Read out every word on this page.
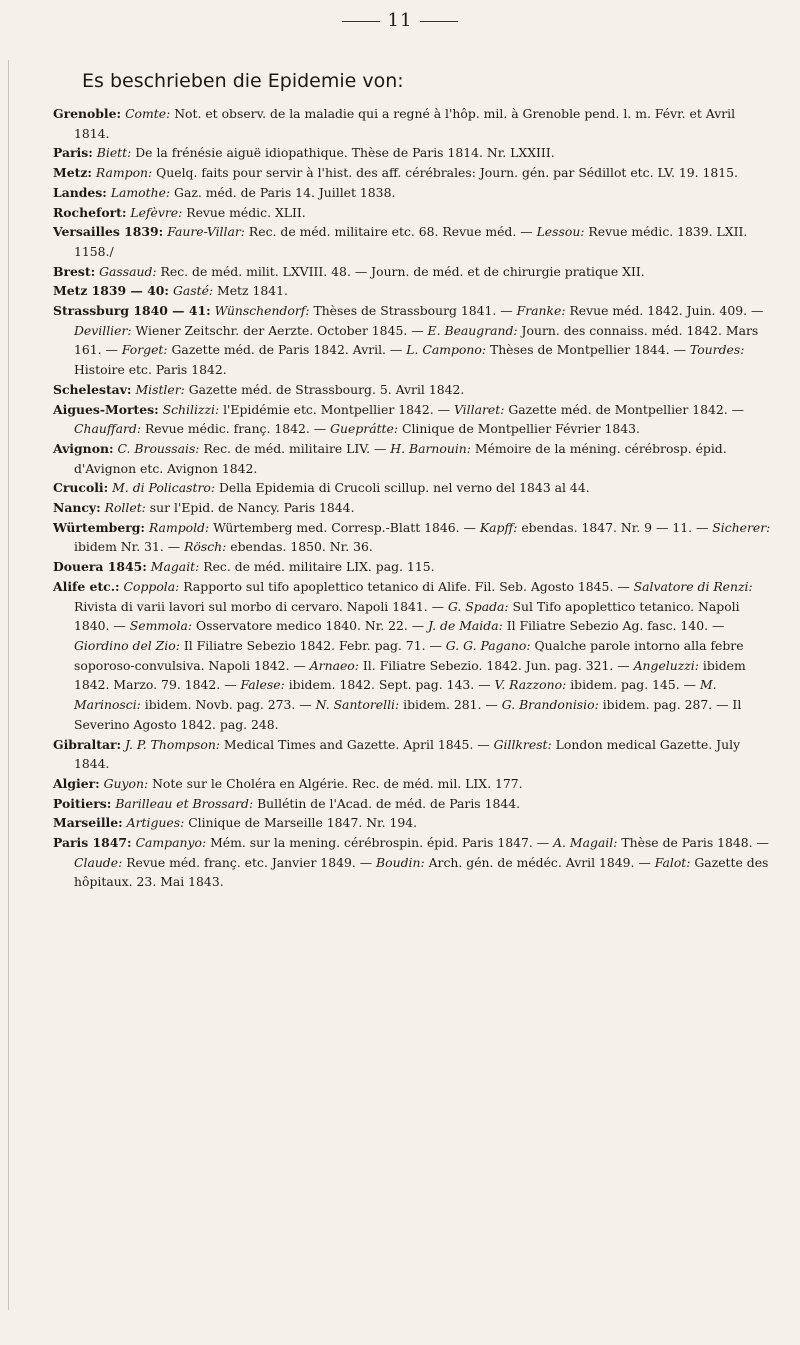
11
Es beschrieben die Epidemie von:

Grenoble: Comte: Not. et observ. de la maladie qui a regné à l'hôp. mil. à Grenoble pend. l. m. Févr. et Avril 1814.

Paris: Biett: De la frénésie aiguë idiopathique. Thèse de Paris 1814. Nr. LXXIII.

Metz: Rampon: Quelq. faits pour servir à l'hist. des aff. cérébrales: Journ. gén. par Sédillot etc. LV. 19. 1815.

Landes: Lamothe: Gaz. méd. de Paris 14. Juillet 1838.

Rochefort: Lefèvre: Revue médic. XLII.

Versailles 1839: Faure-Villar: Rec. de méd. militaire etc. 68. Revue méd. — Lessou: Revue médic. 1839. LXII. 1158./

Brest: Gassaud: Rec. de méd. milit. LXVIII. 48. — Journ. de méd. et de chirurgie pratique XII.

Metz 1839 — 40: Gasté: Metz 1841.

Strassburg 1840 — 41: Wünschendorf: Thèses de Strassbourg 1841. — Franke: Revue méd. 1842. Juin. 409. — Devillier: Wiener Zeitschr. der Aerzte. October 1845. — E. Beaugrand: Journ. des connaiss. méd. 1842. Mars 161. — Forget: Gazette méd. de Paris 1842. Avril. — L. Campono: Thèses de Montpellier 1844. — Tourdes: Histoire etc. Paris 1842.

Schelestav: Mistler: Gazette méd. de Strassbourg. 5. Avril 1842.

Aigues-Mortes: Schilizzi: l'Epidémie etc. Montpellier 1842. — Villaret: Gazette méd. de Montpellier 1842. — Chauffard: Revue médic. franç. 1842. — Gueprátte: Clinique de Montpellier Février 1843.

Avignon: C. Broussais: Rec. de méd. militaire LIV. — H. Barnouin: Mémoire de la méning. cérébrosp. épid. d'Avignon etc. Avignon 1842.

Crucoli: M. di Policastro: Della Epidemia di Crucoli scillup. nel verno del 1843 al 44.

Nancy: Rollet: sur l'Epid. de Nancy. Paris 1844.

Würtemberg: Rampold: Würtemberg med. Corresp.-Blatt 1846. — Kapff: ebendas. 1847. Nr. 9 — 11. — Sicherer: ibidem Nr. 31. — Rösch: ebendas. 1850. Nr. 36.

Douera 1845: Magait: Rec. de méd. militaire LIX. pag. 115.

Alife etc.: Coppola: Rapporto sul tifo apoplettico tetanico di Alife. Fil. Seb. Agosto 1845. — Salvatore di Renzi: Rivista di varii lavori sul morbo di cervaro. Napoli 1841. — G. Spada: Sul Tifo apoplettico tetanico. Napoli 1840. — Semmola: Osservatore medico 1840. Nr. 22. — J. de Maida: Il Filiatre Sebezio Ag. fasc. 140. — Giordino del Zio: Il Filiatre Sebezio 1842. Febr. pag. 71. — G. G. Pagano: Qualche parole intorno alla febre soporoso-convulsiva. Napoli 1842. — Arnaeo: Il. Filiatre Sebezio. 1842. Jun. pag. 321. — Angeluzzi: ibidem 1842. Marzo. 79. 1842. — Falese: ibidem. 1842. Sept. pag. 143. — V. Razzono: ibidem. pag. 145. — M. Marinosci: ibidem. Novb. pag. 273. — N. Santorelli: ibidem. 281. — G. Brandonisio: ibidem. pag. 287. — Il Severino Agosto 1842. pag. 248.

Gibraltar: J. P. Thompson: Medical Times and Gazette. April 1845. — Gillkrest: London medical Gazette. July 1844.

Algier: Guyon: Note sur le Choléra en Algérie. Rec. de méd. mil. LIX. 177.

Poitiers: Barilleau et Brossard: Bullétin de l'Acad. de méd. de Paris 1844.

Marseille: Artigues: Clinique de Marseille 1847. Nr. 194.

Paris 1847: Campanyo: Mém. sur la mening. cérébrospin. épid. Paris 1847. — A. Magail: Thèse de Paris 1848. — Claude: Revue méd. franç. etc. Janvier 1849. — Boudin: Arch. gén. de médéc. Avril 1849. — Falot: Gazette des hôpitaux. 23. Mai 1843.
